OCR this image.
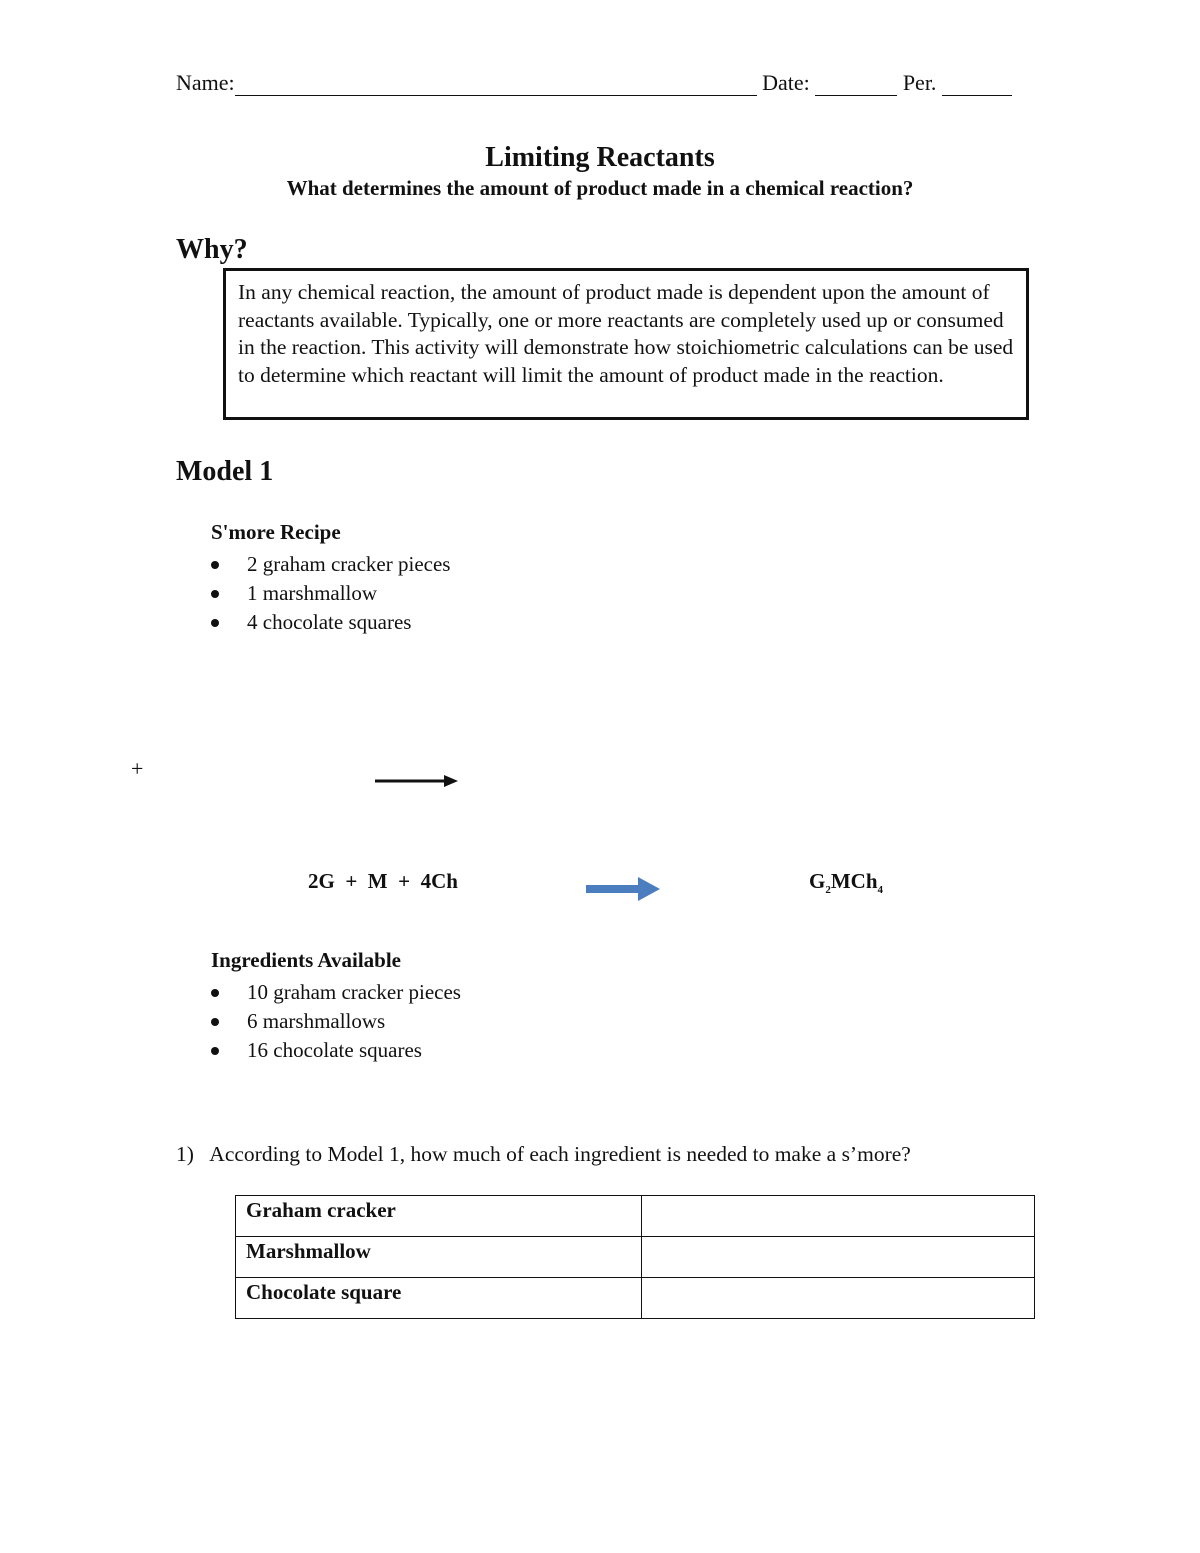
Name:	Date:	Per.
Limiting Reactants
What determines the amount of product made in a chemical reaction?
Why?
In any chemical reaction, the amount of product made is dependent upon the amount of reactants available. Typically, one or more reactants are completely used up or consumed in the reaction. This activity will demonstrate how stoichiometric calculations can be used to determine which reactant will limit the amount of product made in the reaction.
Model 1
S'more Recipe
2 graham cracker pieces
1 marshmallow
4 chocolate squares
+
2G  +  M  +  4Ch	$G_2MCh_4$
Ingredients Available
10 graham cracker pieces
6 marshmallows
16 chocolate squares
1) According to Model 1, how much of each ingredient is needed to make a s’more?
Graham cracker	
Marshmallow	
Chocolate square	
